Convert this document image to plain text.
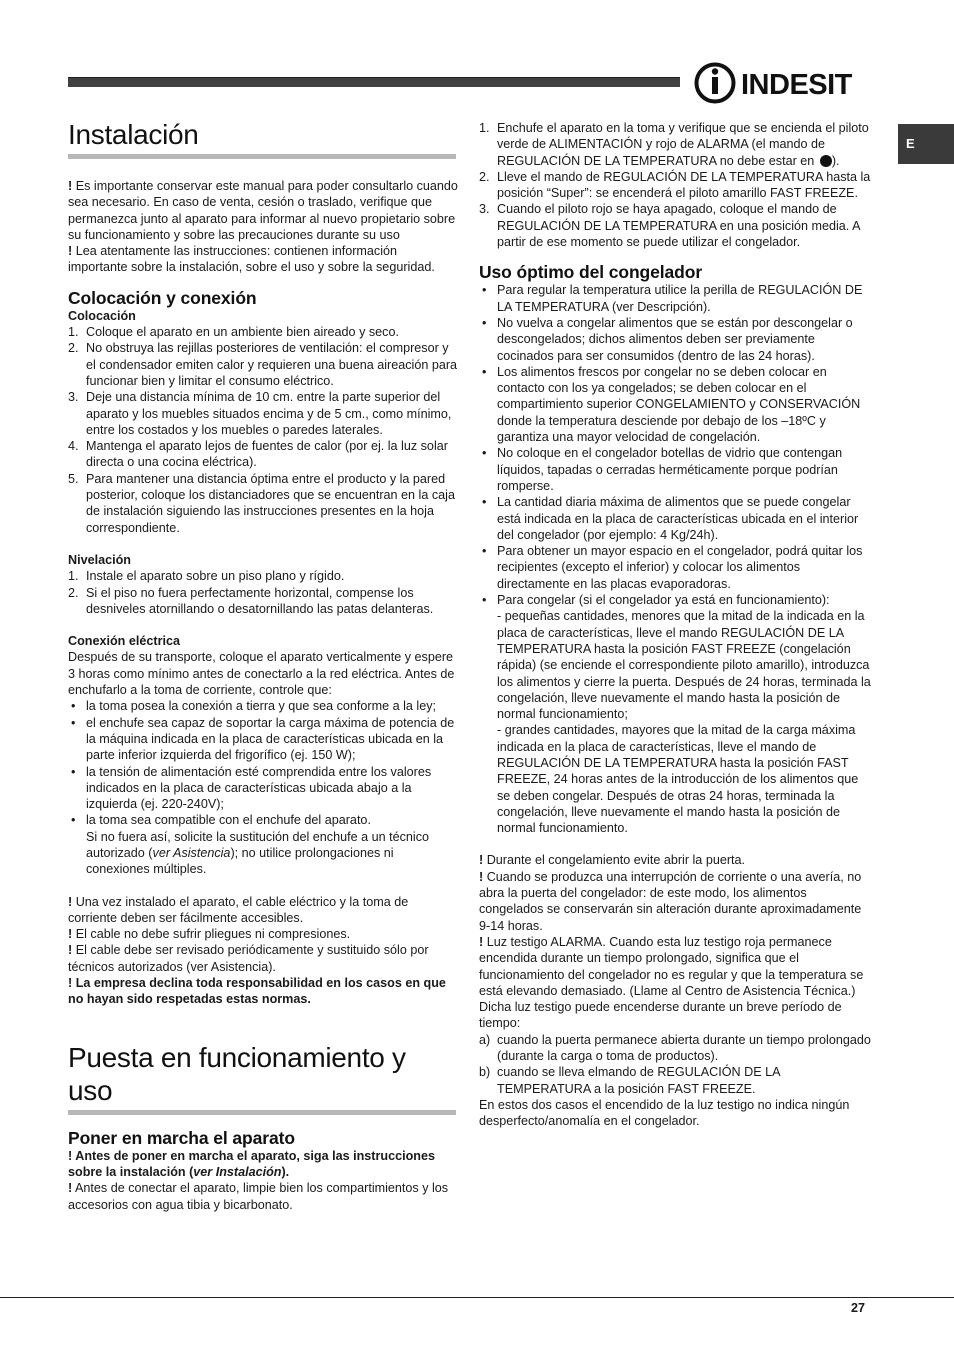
INDESIT
E
Instalación

! Es importante conservar este manual para poder consultarlo cuando sea necesario. En caso de venta, cesión o traslado, verifique que permanezca junto al aparato para informar al nuevo propietario sobre su funcionamiento y sobre las precauciones durante su uso

! Lea atentamente las instrucciones: contienen información importante sobre la instalación, sobre el uso y sobre la seguridad.

Colocación y conexión
Colocación
1. Coloque el aparato en un ambiente bien aireado y seco.
2. No obstruya las rejillas posteriores de ventilación: el compresor y el condensador emiten calor y requieren una buena aireación para funcionar bien y limitar el consumo eléctrico.
3. Deje una distancia mínima de 10 cm. entre la parte superior del aparato y los muebles situados encima y de 5 cm., como mínimo, entre los costados y los muebles o paredes laterales.
4. Mantenga el aparato lejos de fuentes de calor (por ej. la luz solar directa o una cocina eléctrica).
5. Para mantener una distancia óptima entre el producto y la pared posterior, coloque los distanciadores que se encuentran en la caja de instalación siguiendo las instrucciones presentes en la hoja correspondiente.
Nivelación
1. Instale el aparato sobre un piso plano y rígido.
2. Si el piso no fuera perfectamente horizontal, compense los desniveles atornillando o desatornillando las patas delanteras.
Conexión eléctrica

Después de su transporte, coloque el aparato verticalmente y espere 3 horas como mínimo antes de conectarlo a la red eléctrica. Antes de enchufarlo a la toma de corriente, controle que:

• la toma posea la conexión a tierra y que sea conforme a la ley;
• el enchufe sea capaz de soportar la carga máxima de potencia de la máquina indicada en la placa de características ubicada en la parte inferior izquierda del frigorífico (ej. 150 W);
• la tensión de alimentación esté comprendida entre los valores indicados en la placa de características ubicada abajo a la izquierda (ej. 220-240V);
• la toma sea compatible con el enchufe del aparato.
Si no fuera así, solicite la sustitución del enchufe a un técnico autorizado (ver Asistencia); no utilice prolongaciones ni conexiones múltiples.

! Una vez instalado el aparato, el cable eléctrico y la toma de corriente deben ser fácilmente accesibles.

! El cable no debe sufrir pliegues ni compresiones.

! El cable debe ser revisado periódicamente y sustituido sólo por técnicos autorizados (ver Asistencia).

! La empresa declina toda responsabilidad en los casos en que no hayan sido respetadas estas normas.

Puesta en funcionamiento y uso
Poner en marcha el aparato

! Antes de poner en marcha el aparato, siga las instrucciones sobre la instalación (ver Instalación).

! Antes de conectar el aparato, limpie bien los compartimientos y los accesorios con agua tibia y bicarbonato.

1. Enchufe el aparato en la toma y verifique que se encienda el piloto verde de ALIMENTACIÓN y rojo de ALARMA (el mando de REGULACIÓN DE LA TEMPERATURA no debe estar en ).
2. Lleve el mando de REGULACIÓN DE LA TEMPERATURA hasta la posición “Super”: se encenderá el piloto amarillo FAST FREEZE.
3. Cuando el piloto rojo se haya apagado, coloque el mando de REGULACIÓN DE LA TEMPERATURA en una posición media. A partir de ese momento se puede utilizar el congelador.
Uso óptimo del congelador
• Para regular la temperatura utilice la perilla de REGULACIÓN DE LA TEMPERATURA (ver Descripción).
• No vuelva a congelar alimentos que se están por descongelar o descongelados; dichos alimentos deben ser previamente cocinados para ser consumidos (dentro de las 24 horas).
• Los alimentos frescos por congelar no se deben colocar en contacto con los ya congelados; se deben colocar en el compartimiento superior CONGELAMIENTO y CONSERVACIÓN donde la temperatura desciende por debajo de los –18ºC y garantiza una mayor velocidad de congelación.
• No coloque en el congelador botellas de vidrio que contengan líquidos, tapadas o cerradas herméticamente porque podrían romperse.
• La cantidad diaria máxima de alimentos que se puede congelar está indicada en la placa de características ubicada en el interior del congelador (por ejemplo: 4 Kg/24h).
• Para obtener un mayor espacio en el congelador, podrá quitar los recipientes (excepto el inferior) y colocar los alimentos directamente en las placas evaporadoras.
• Para congelar (si el congelador ya está en funcionamiento):
- pequeñas cantidades, menores que la mitad de la indicada en la placa de características, lleve el mando REGULACIÓN DE LA TEMPERATURA hasta la posición FAST FREEZE (congelación rápida) (se enciende el correspondiente piloto amarillo), introduzca los alimentos y cierre la puerta. Después de 24 horas, terminada la congelación, lleve nuevamente el mando hasta la posición de normal funcionamiento;
- grandes cantidades, mayores que la mitad de la carga máxima indicada en la placa de características, lleve el mando de REGULACIÓN DE LA TEMPERATURA hasta la posición FAST FREEZE, 24 horas antes de la introducción de los alimentos que se deben congelar. Después de otras 24 horas, terminada la congelación, lleve nuevamente el mando hasta la posición de normal funcionamiento.

! Durante el congelamiento evite abrir la puerta.

! Cuando se produzca una interrupción de corriente o una avería, no abra la puerta del congelador: de este modo, los alimentos congelados se conservarán sin alteración durante aproximadamente 9-14 horas.

! Luz testigo ALARMA. Cuando esta luz testigo roja permanece encendida durante un tiempo prolongado, significa que el funcionamiento del congelador no es regular y que la temperatura se está elevando demasiado. (Llame al Centro de Asistencia Técnica.)

Dicha luz testigo puede encenderse durante un breve período de tiempo:

a) cuando la puerta permanece abierta durante un tiempo prolongado (durante la carga o toma de productos).
b) cuando se lleva elmando de REGULACIÓN DE LA TEMPERATURA a la posición FAST FREEZE.

En estos dos casos el encendido de la luz testigo no indica ningún desperfecto/anomalía en el congelador.

27
